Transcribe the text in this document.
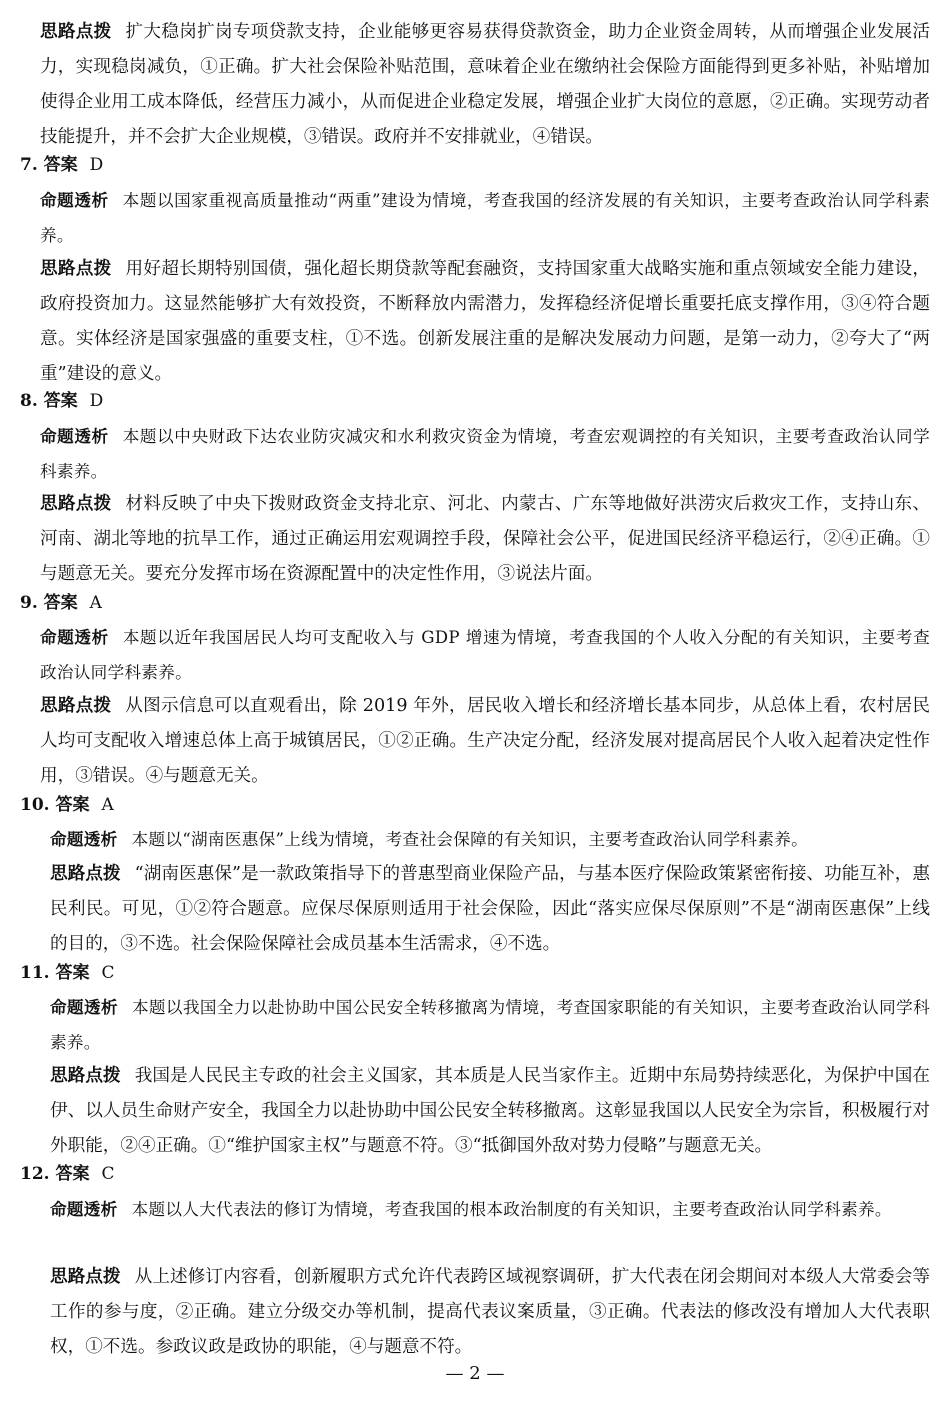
思路点拨 扩大稳岗扩岗专项贷款支持，企业能够更容易获得贷款资金，助力企业资金周转，从而增强企业发展活力，实现稳岗减负，①正确。扩大社会保险补贴范围，意味着企业在缴纳社会保险方面能得到更多补贴，补贴增加使得企业用工成本降低，经营压力减小，从而促进企业稳定发展，增强企业扩大岗位的意愿，②正确。实现劳动者技能提升，并不会扩大企业规模，③错误。政府并不安排就业，④错误。

7. 答案 D

命题透析 本题以国家重视高质量推动“两重”建设为情境，考查我国的经济发展的有关知识，主要考查政治认同学科素养。

思路点拨 用好超长期特别国债，强化超长期贷款等配套融资，支持国家重大战略实施和重点领域安全能力建设，政府投资加力。这显然能够扩大有效投资，不断释放内需潜力，发挥稳经济促增长重要托底支撑作用，③④符合题意。实体经济是国家强盛的重要支柱，①不选。创新发展注重的是解决发展动力问题，是第一动力，②夸大了“两重”建设的意义。

8. 答案 D

命题透析 本题以中央财政下达农业防灾减灾和水利救灾资金为情境，考查宏观调控的有关知识，主要考查政治认同学科素养。

思路点拨 材料反映了中央下拨财政资金支持北京、河北、内蒙古、广东等地做好洪涝灾后救灾工作，支持山东、河南、湖北等地的抗旱工作，通过正确运用宏观调控手段，保障社会公平，促进国民经济平稳运行，②④正确。①与题意无关。要充分发挥市场在资源配置中的决定性作用，③说法片面。

9. 答案 A

命题透析 本题以近年我国居民人均可支配收入与 GDP 增速为情境，考查我国的个人收入分配的有关知识，主要考查政治认同学科素养。

思路点拨 从图示信息可以直观看出，除 2019 年外，居民收入增长和经济增长基本同步，从总体上看，农村居民人均可支配收入增速总体上高于城镇居民，①②正确。生产决定分配，经济发展对提高居民个人收入起着决定性作用，③错误。④与题意无关。

10. 答案 A

命题透析 本题以“湖南医惠保”上线为情境，考查社会保障的有关知识，主要考查政治认同学科素养。

思路点拨 “湖南医惠保”是一款政策指导下的普惠型商业保险产品，与基本医疗保险政策紧密衔接、功能互补，惠民利民。可见，①②符合题意。应保尽保原则适用于社会保险，因此“落实应保尽保原则”不是“湖南医惠保”上线的目的，③不选。社会保险保障社会成员基本生活需求，④不选。

11. 答案 C

命题透析 本题以我国全力以赴协助中国公民安全转移撤离为情境，考查国家职能的有关知识，主要考查政治认同学科素养。

思路点拨 我国是人民民主专政的社会主义国家，其本质是人民当家作主。近期中东局势持续恶化，为保护中国在伊、以人员生命财产安全，我国全力以赴协助中国公民安全转移撤离。这彰显我国以人民安全为宗旨，积极履行对外职能，②④正确。①“维护国家主权”与题意不符。③“抵御国外敌对势力侵略”与题意无关。

12. 答案 C

命题透析 本题以人大代表法的修订为情境，考查我国的根本政治制度的有关知识，主要考查政治认同学科素养。

思路点拨 从上述修订内容看，创新履职方式允许代表跨区域视察调研，扩大代表在闭会期间对本级人大常委会等工作的参与度，②正确。建立分级交办等机制，提高代表议案质量，③正确。代表法的修改没有增加人大代表职权，①不选。参政议政是政协的职能，④与题意不符。

— 2 —
